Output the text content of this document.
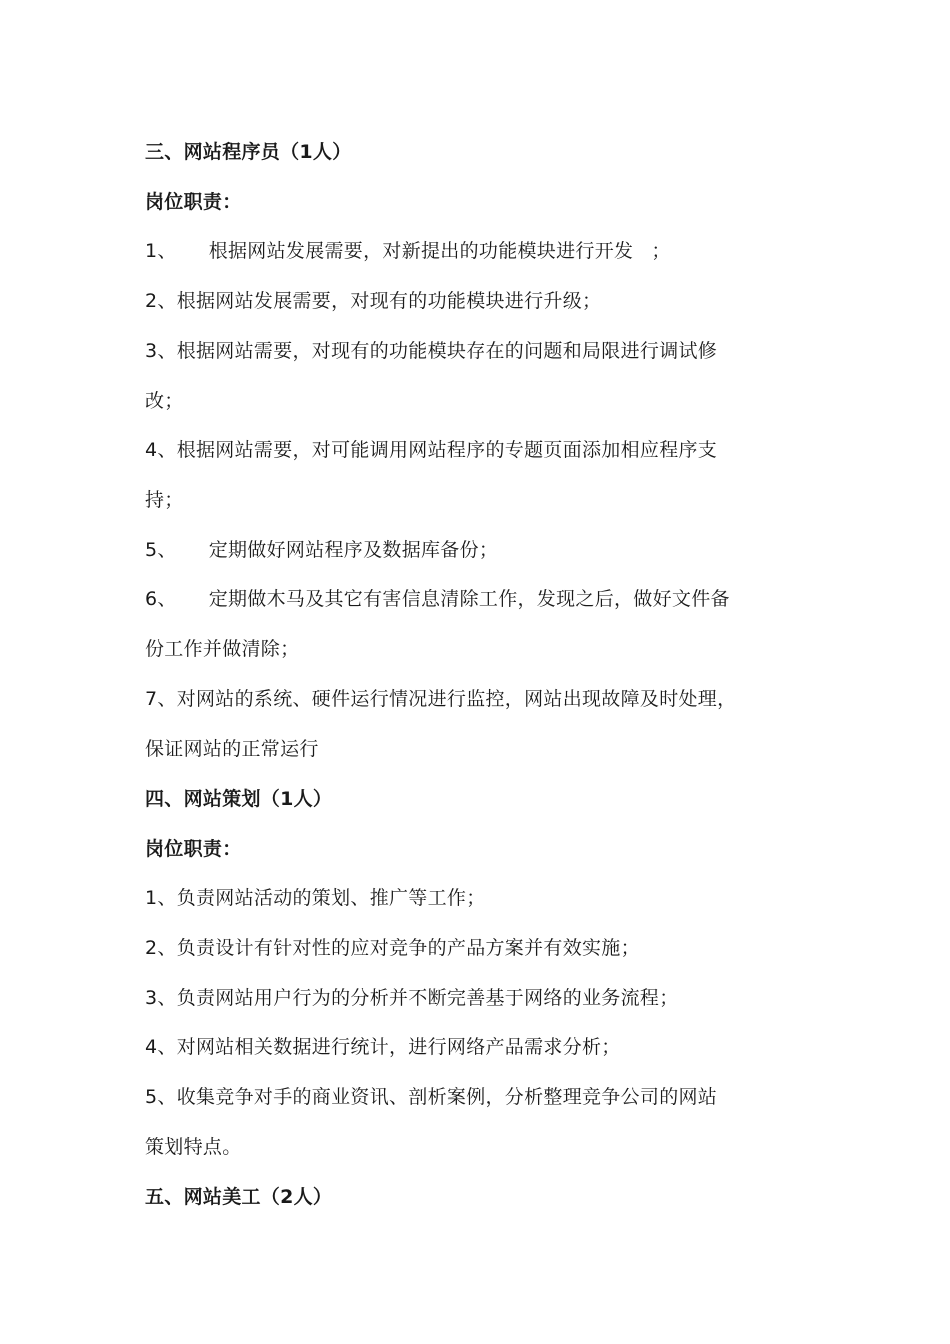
三、网站程序员（1人）
岗位职责：
1、 根据网站发展需要，对新提出的功能模块进行开发 ；
2、根据网站发展需要，对现有的功能模块进行升级；
3、根据网站需要，对现有的功能模块存在的问题和局限进行调试修
改；
4、根据网站需要，对可能调用网站程序的专题页面添加相应程序支
持；
5、 定期做好网站程序及数据库备份；
6、 定期做木马及其它有害信息清除工作，发现之后，做好文件备
份工作并做清除；
7、对网站的系统、硬件运行情况进行监控，网站出现故障及时处理，
保证网站的正常运行
四、网站策划（1人）
岗位职责：
1、负责网站活动的策划、推广等工作；
2、负责设计有针对性的应对竞争的产品方案并有效实施；
3、负责网站用户行为的分析并不断完善基于网络的业务流程；
4、对网站相关数据进行统计，进行网络产品需求分析；
5、收集竞争对手的商业资讯、剖析案例，分析整理竞争公司的网站
策划特点。
五、网站美工（2人）
